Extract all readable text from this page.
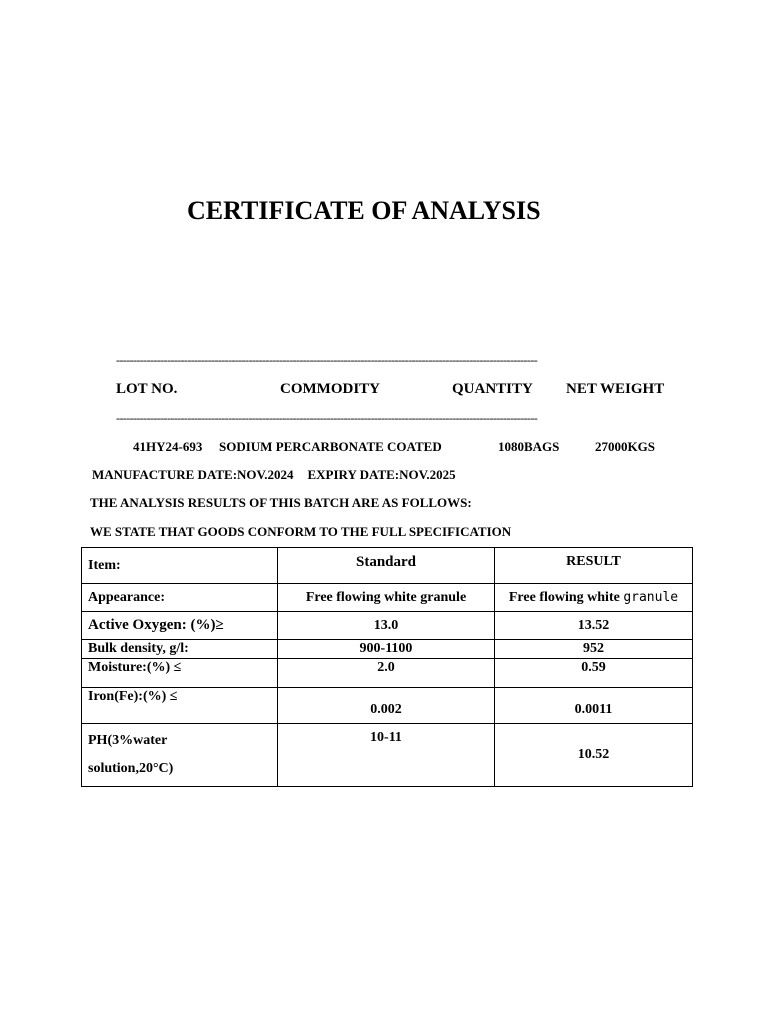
CERTIFICATE OF ANALYSIS
----------------------------------------------------------------------------------------------------------------------------
LOT NO.	COMMODITY	QUANTITY NET WEIGHT
----------------------------------------------------------------------------------------------------------------------------
41HY24-693 SODIUM PERCARBONATE COATED	1080BAGS	27000KGS
MANUFACTURE DATE:NOV.2024 EXPIRY DATE:NOV.2025
THE ANALYSIS RESULTS OF THIS BATCH ARE AS FOLLOWS:
WE STATE THAT GOODS CONFORM TO THE FULL SPECIFICATION
Item:	Standard	RESULT
Appearance:	Free flowing white granule	Free flowing white granule
Active Oxygen: (%)≥	13.0	13.52
Bulk density, g/l:	900-1100	952
Moisture:(%) ≤	2.0	0.59
Iron(Fe):(%) ≤	0.002	0.0011

PH(3%water
solution,20°C)	10-11	10.52
